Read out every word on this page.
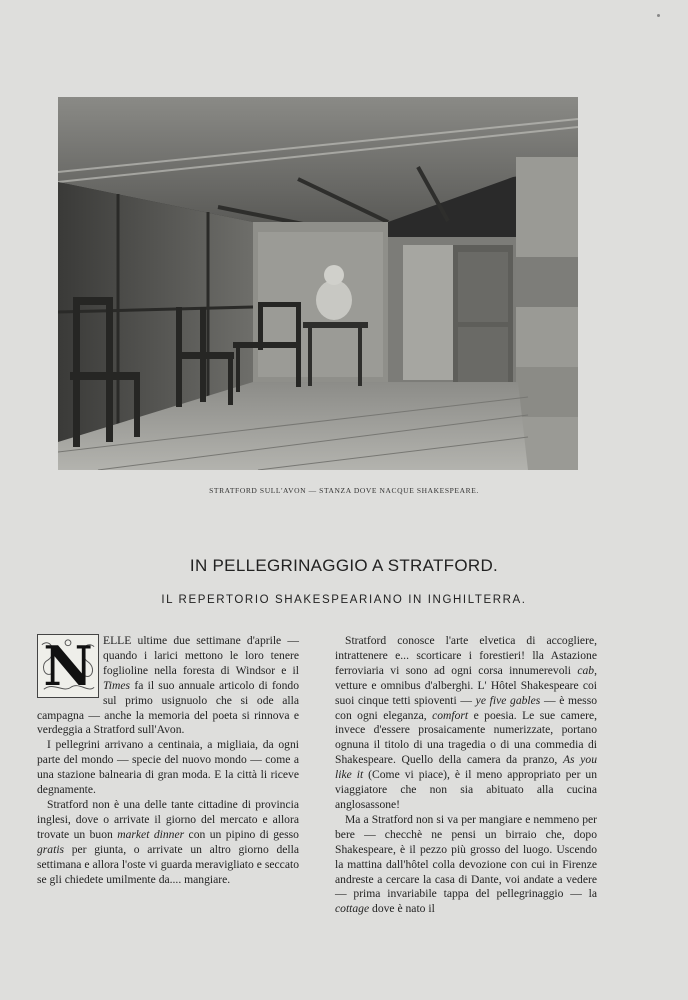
STRATFORD SULL'AVON — STANZA DOVE NACQUE SHAKESPEARE.
IN PELLEGRINAGGIO A STRATFORD.
IL REPERTORIO SHAKESPEARIANO IN INGHILTERRA.

N ELLE ultime due settimane d'aprile — quando i larici mettono le loro tenere foglioline nella foresta di Windsor e il Times fa il suo annuale articolo di fondo sul primo usignuolo che si ode alla campagna — anche la memoria del poeta si rinnova e verdeggia a Stratford sull'Avon.

I pellegrini arrivano a centinaia, a migliaia, da ogni parte del mondo — specie del nuovo mondo — come a una stazione balnearia di gran moda. E la città li riceve degnamente.

Stratford non è una delle tante cittadine di provincia inglesi, dove o arrivate il giorno del mercato e allora trovate un buon market dinner con un pipino di gesso gratis per giunta, o arrivate un altro giorno della settimana e allora l'oste vi guarda meravigliato e seccato se gli chiedete umilmente da.... mangiare.

Stratford conosce l'arte elvetica di accogliere, intrattenere e... scorticare i forestieri! lla Astazione ferroviaria vi sono ad ogni corsa innumerevoli cab, vetture e omnibus d'alberghi. L' Hôtel Shakespeare coi suoi cinque tetti spioventi — ye five gables — è messo con ogni eleganza, comfort e poesia. Le sue camere, invece d'essere prosaicamente numerizzate, portano ognuna il titolo di una tragedia o di una commedia di Shakespeare. Quello della camera da pranzo, As you like it (Come vi piace), è il meno appropriato per un viaggiatore che non sia abituato alla cucina anglosassone!

Ma a Stratford non si va per mangiare e nemmeno per bere — checchè ne pensi un birraio che, dopo Shakespeare, è il pezzo più grosso del luogo. Uscendo la mattina dall'hôtel colla devozione con cui in Firenze andreste a cercare la casa di Dante, voi andate a vedere — prima invariabile tappa del pellegrinaggio — la cottage dove è nato il
